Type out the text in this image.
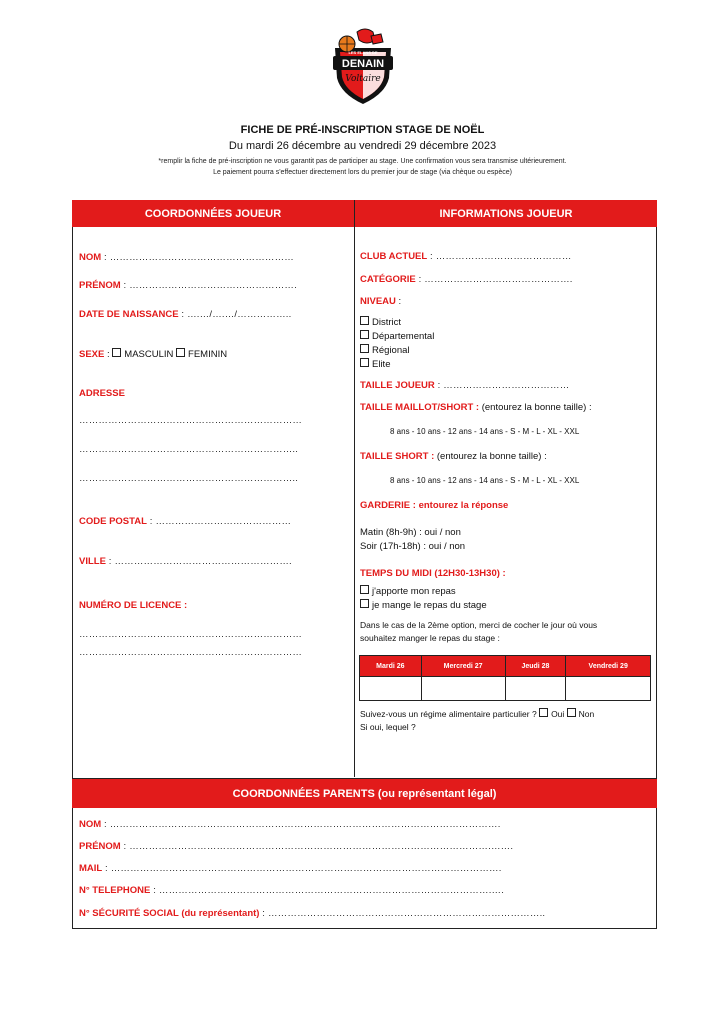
DENAIN
LES ELANS DE
Voltaire
FICHE DE PRÉ-INSCRIPTION STAGE DE NOËL
Du mardi 26 décembre au vendredi 29 décembre 2023
*remplir la fiche de pré-inscription ne vous garantit pas de participer au stage. Une confirmation vous sera transmise ultérieurement.
Le paiement pourra s'effectuer directement lors du premier jour de stage (via chèque ou espèce)
COORDONNÉES JOUEUR	INFORMATIONS JOUEUR
NOM : …………………………………………………
PRÉNOM : …………………………………………….
DATE DE NAISSANCE : ….…/….…/……………..
SEXE : MASCULIN FEMININ
ADRESSE
……………………………………………………………
…………………………………………………………..
…………………………………………………………..
CODE POSTAL : ……………………………………
VILLE : ……………………………………………….
NUMÉRO DE LICENCE :
……………………………………………………………
……………………………………………………………
CLUB ACTUEL : ……………………………………
CATÉGORIE : ……………………………………….
NIVEAU :
District
Départemental
Régional
Elite
TAILLE JOUEUR : …………………………………
TAILLE MAILLOT/SHORT : (entourez la bonne taille) :
8 ans - 10 ans - 12 ans - 14 ans - S - M - L - XL - XXL
TAILLE SHORT : (entourez la bonne taille) :
8 ans - 10 ans - 12 ans - 14 ans - S - M - L - XL - XXL
GARDERIE : entourez la réponse
Matin (8h-9h) : oui / non
Soir (17h-18h) : oui / non
TEMPS DU MIDI (12H30-13H30) :
j'apporte mon repas
je mange le repas du stage
Dans le cas de la 2ème option, merci de cocher le jour où vous
souhaitez manger le repas du stage :
Mardi 26	Mercredi 27	Jeudi 28	Vendredi 29

Suivez-vous un régime alimentaire particulier ? Oui Non
Si oui, lequel ?
COORDONNÉES PARENTS (ou représentant légal)
NOM : ………………………………………………………………………………………………………….
PRÉNOM : ………………………………………………………………………………………………….…….
MAIL : ………………………………………………………………………………………………………….
N° TELEPHONE : ………………………………………………………………………………………….….
N° SÉCURITÉ SOCIAL (du représentant) : …………………………………………………………………………..
